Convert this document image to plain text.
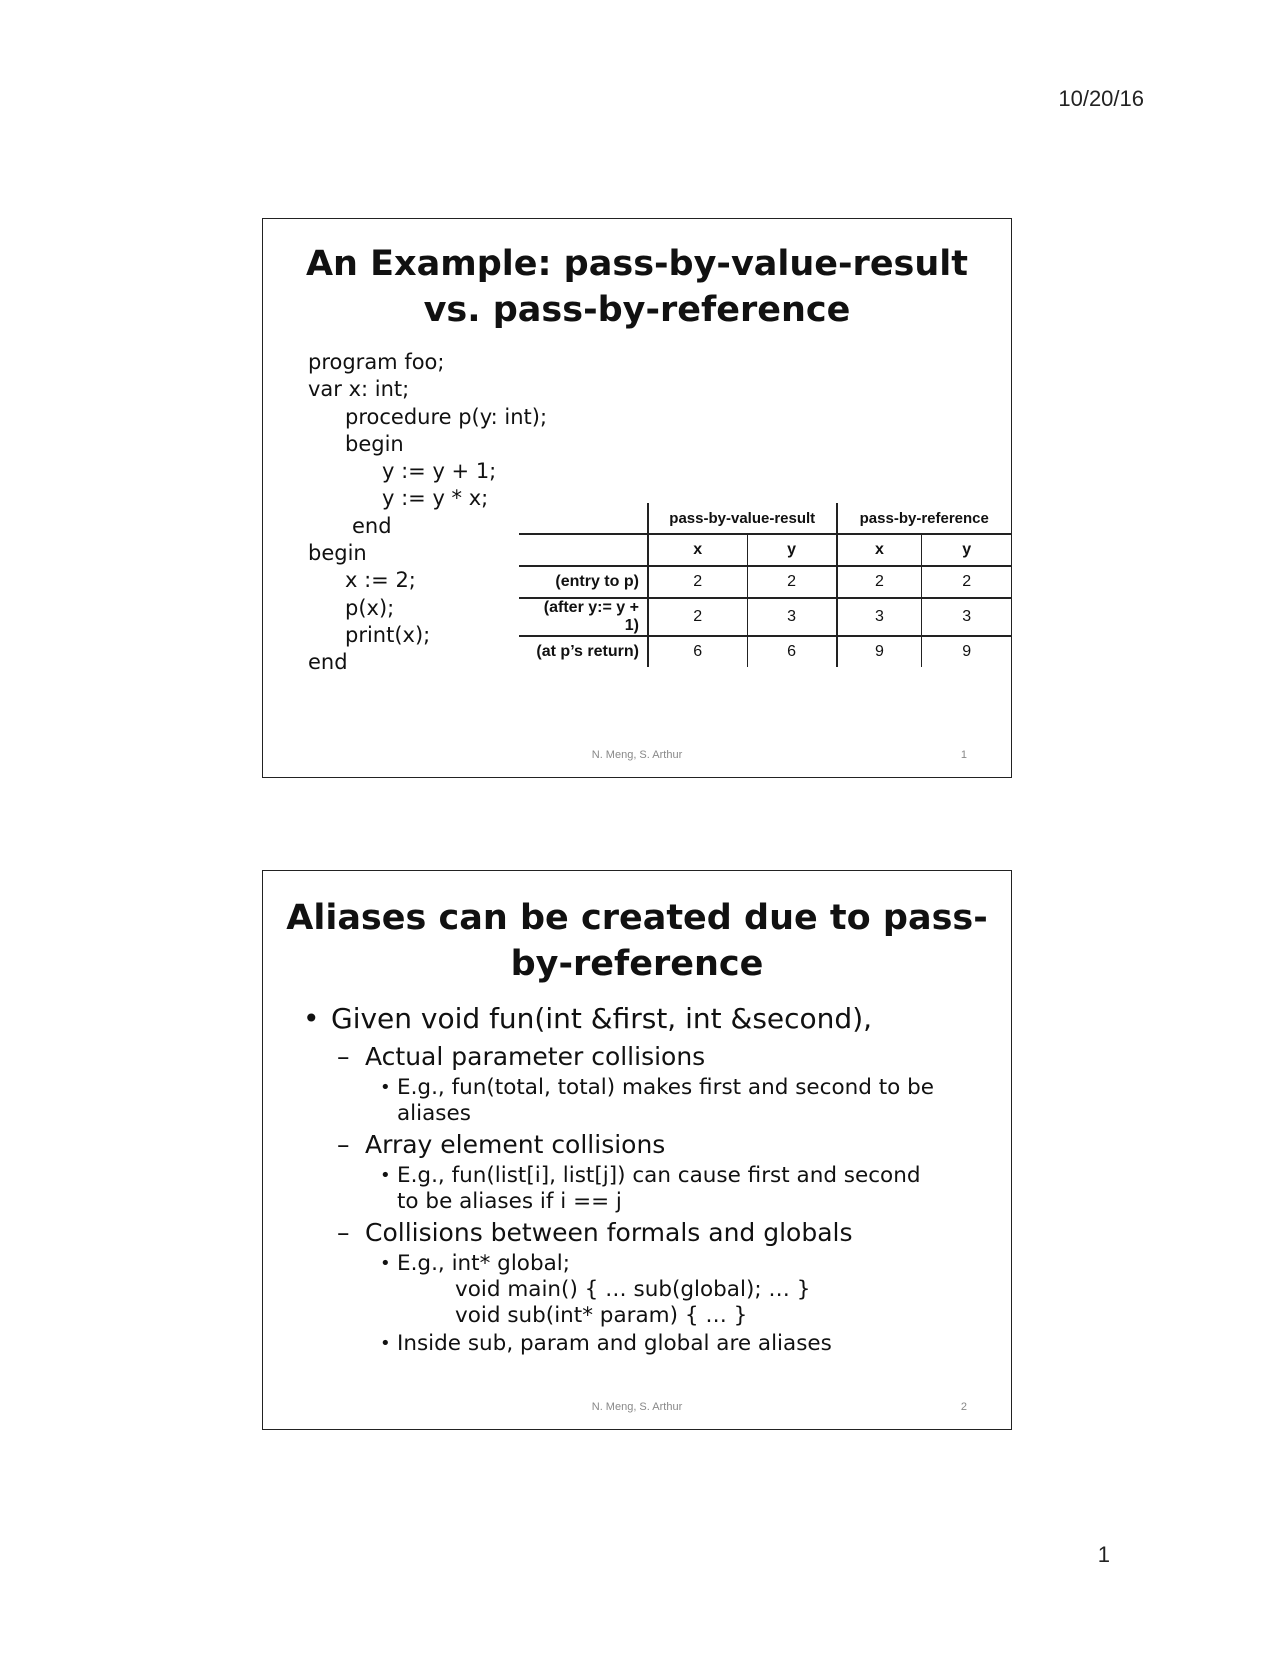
10/20/16
An Example: pass-by-value-result vs. pass-by-reference
program foo;
var x: int;
procedure p(y: int);
begin
y := y + 1;
y := y * x;
end
begin
x := 2;
p(x);
print(x);
end
	pass-by-value-result		pass-by-reference	
	x	y	x	y
(entry to p)	2	2	2	2
(after y:= y + 1)	2	3	3	3
(at p’s return)	6	6	9	9
N. Meng, S. Arthur	1
Aliases can be created due to pass-by-reference
• Given void fun(int &first, int &second),
– Actual parameter collisions
• E.g., fun(total, total) makes first and second to be
aliases
– Array element collisions
• E.g., fun(list[i], list[j]) can cause first and second
to be aliases if i == j
– Collisions between formals and globals
• E.g., int* global;
void main() { … sub(global); … }
void sub(int* param) { … }
• Inside sub, param and global are aliases
N. Meng, S. Arthur	2
1
